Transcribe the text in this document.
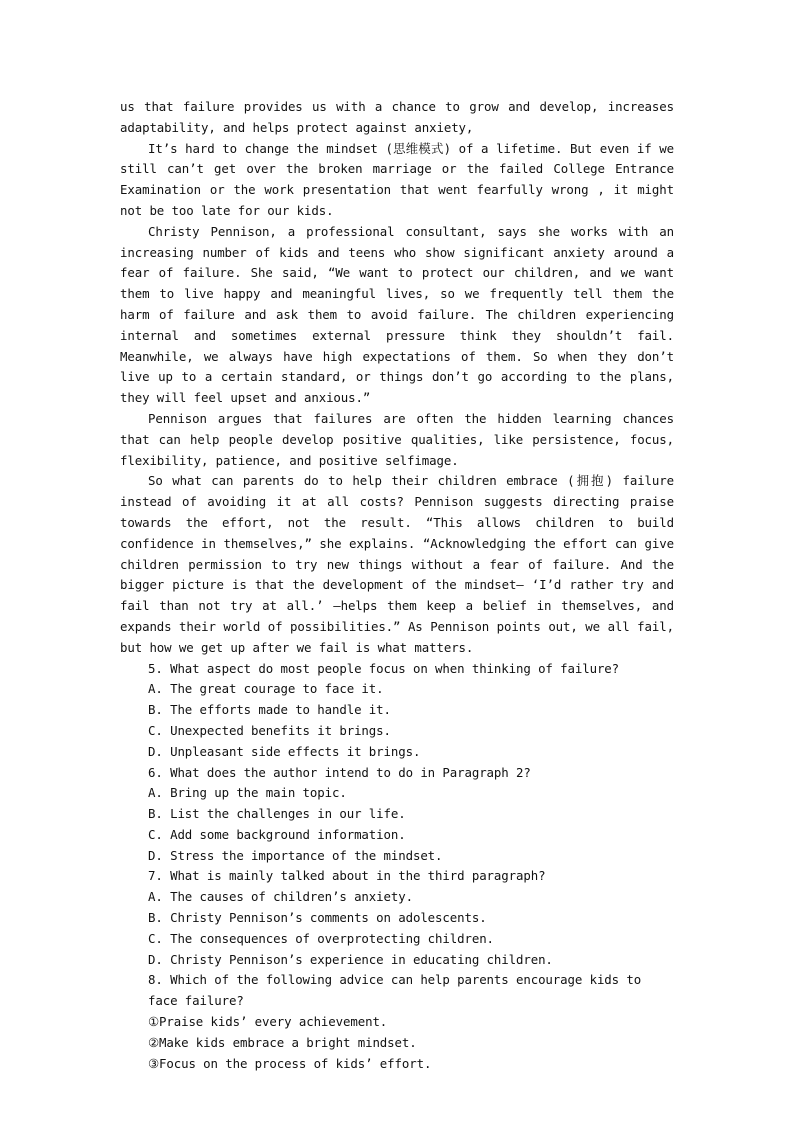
us that failure provides us with a chance to grow and develop, increases adaptability, and helps protect against anxiety,

It’s hard to change the mindset (思维模式) of a lifetime. But even if we still can’t get over the broken marriage or the failed College Entrance Examination or the work presentation that went fearfully wrong , it might not be too late for our kids.

Christy Pennison, a professional consultant, says she works with an increasing number of kids and teens who show significant anxiety around a fear of failure. She said, “We want to protect our children, and we want them to live happy and meaningful lives, so we frequently tell them the harm of failure and ask them to avoid failure. The children experiencing internal and sometimes external pressure think they shouldn’t fail. Meanwhile, we always have high expectations of them. So when they don’t live up to a certain standard, or things don’t go according to the plans, they will feel upset and anxious.”

Pennison argues that failures are often the hidden learning chances that can help people develop positive qualities, like persistence, focus, flexibility, patience, and positive selfimage.

So what can parents do to help their children embrace (拥抱) failure instead of avoiding it at all costs? Pennison suggests directing praise towards the effort, not the result. “This allows children to build confidence in themselves,” she explains. “Acknowledging the effort can give children permission to try new things without a fear of failure. And the bigger picture is that the development of the mindset— ‘I’d rather try and fail than not try at all.’ —helps them keep a belief in themselves, and expands their world of possibilities.” As Pennison points out, we all fail, but how we get up after we fail is what matters.

5. What aspect do most people focus on when thinking of failure?

A. The great courage to face it.

B. The efforts made to handle it.

C. Unexpected benefits it brings.

D. Unpleasant side effects it brings.

6. What does the author intend to do in Paragraph 2?

A. Bring up the main topic.

B. List the challenges in our life.

C. Add some background information.

D. Stress the importance of the mindset.

7. What is mainly talked about in the third paragraph?

A. The causes of children’s anxiety.

B. Christy Pennison’s comments on adolescents.

C. The consequences of overprotecting children.

D. Christy Pennison’s experience in educating children.

8. Which of the following advice can help parents encourage kids to face failure?

①Praise kids’ every achievement.

②Make kids embrace a bright mindset.

③Focus on the process of kids’ effort.
